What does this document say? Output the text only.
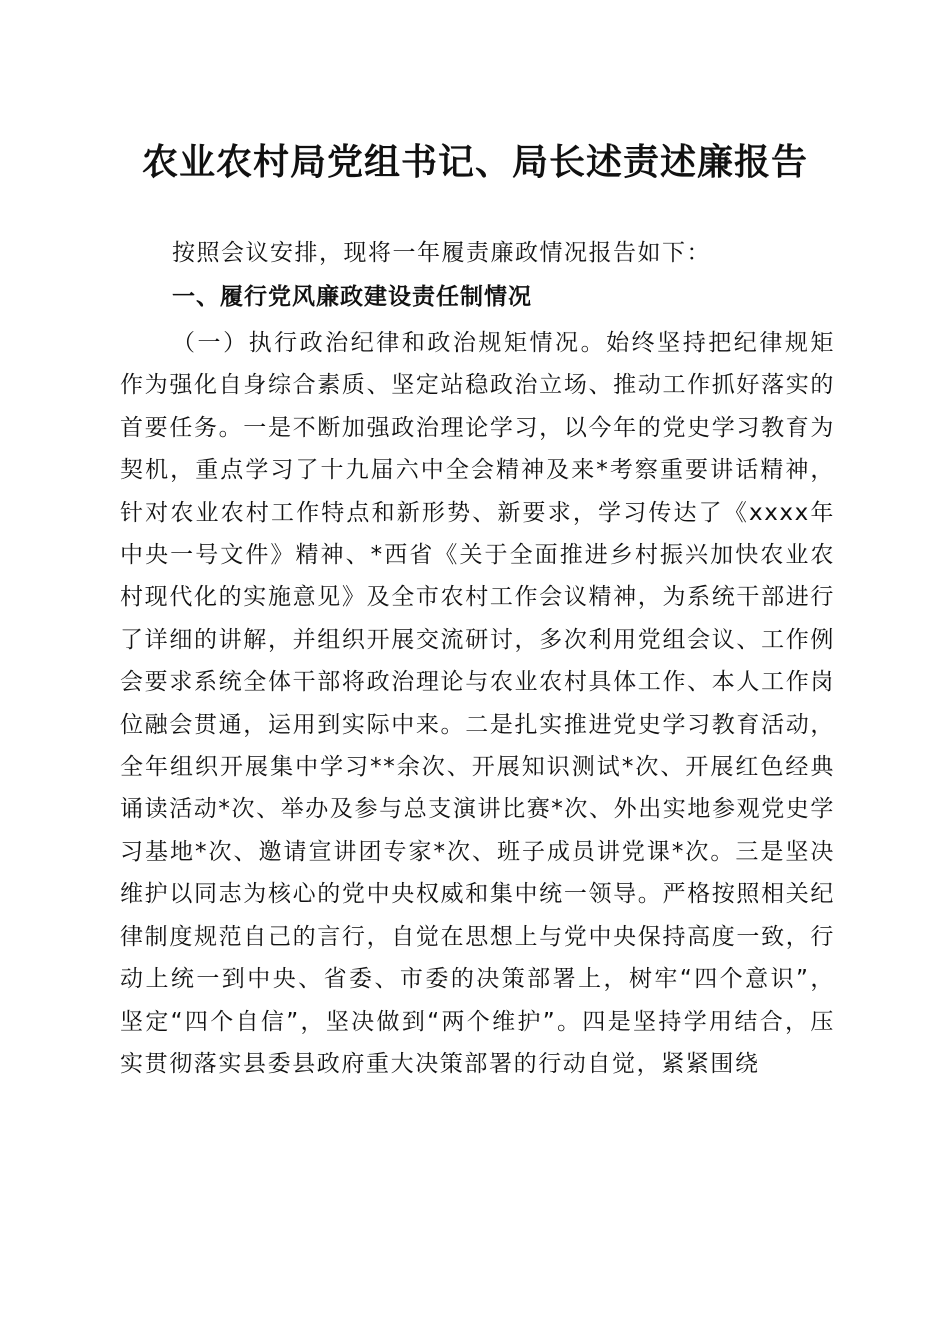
农业农村局党组书记、局长述责述廉报告
按照会议安排，现将一年履责廉政情况报告如下：
一、履行党风廉政建设责任制情况

（一）执行政治纪律和政治规矩情况。始终坚持把纪律规矩作为强化自身综合素质、坚定站稳政治立场、推动工作抓好落实的首要任务。一是不断加强政治理论学习，以今年的党史学习教育为契机，重点学习了十九届六中全会精神及来*考察重要讲话精神，针对农业农村工作特点和新形势、新要求，学习传达了《xxxx年中央一号文件》精神、*西省《关于全面推进乡村振兴加快农业农村现代化的实施意见》及全市农村工作会议精神，为系统干部进行了详细的讲解，并组织开展交流研讨，多次利用党组会议、工作例会要求系统全体干部将政治理论与农业农村具体工作、本人工作岗位融会贯通，运用到实际中来。二是扎实推进党史学习教育活动，全年组织开展集中学习**余次、开展知识测试*次、开展红色经典诵读活动*次、举办及参与总支演讲比赛*次、外出实地参观党史学习基地*次、邀请宣讲团专家*次、班子成员讲党课*次。三是坚决维护以同志为核心的党中央权威和集中统一领导。严格按照相关纪律制度规范自己的言行，自觉在思想上与党中央保持高度一致，行动上统一到中央、省委、市委的决策部署上，树牢“四个意识”，坚定“四个自信”，坚决做到“两个维护”。四是坚持学用结合，压实贯彻落实县委县政府重大决策部署的行动自觉，紧紧围绕
